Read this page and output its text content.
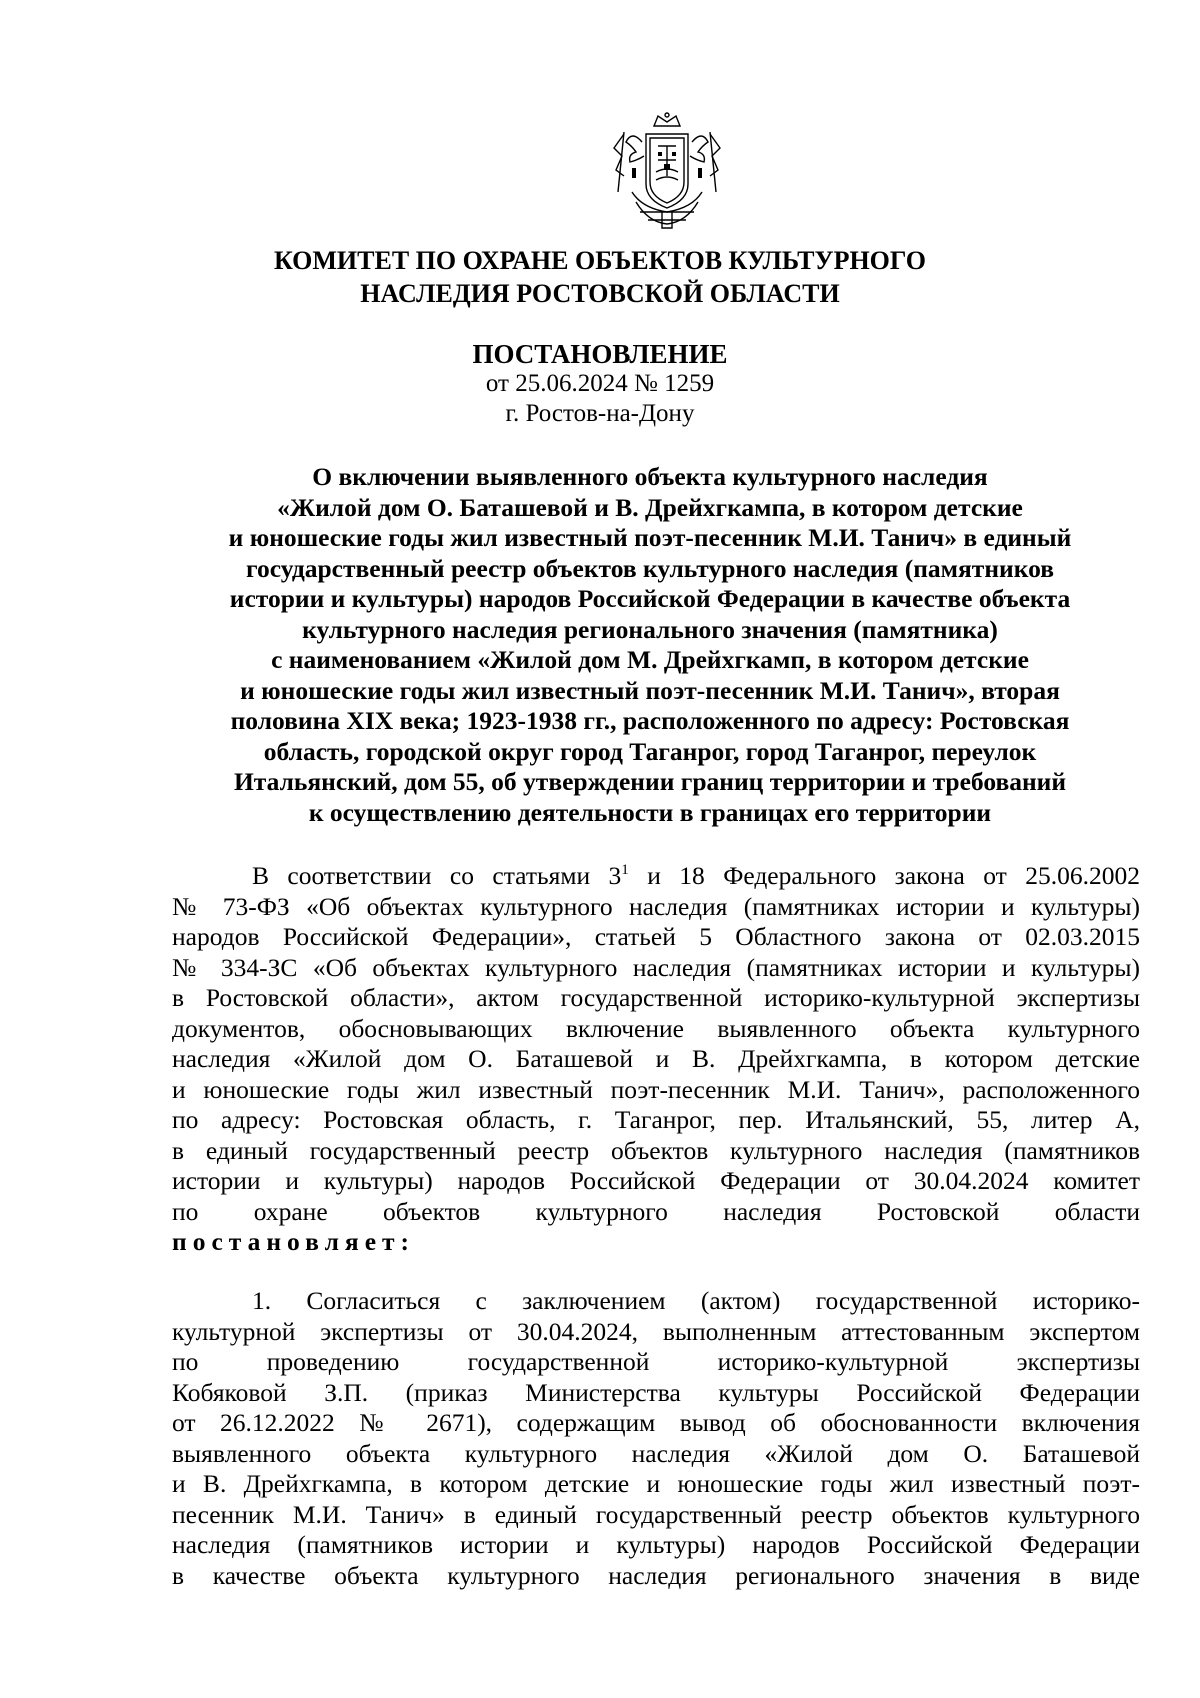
КОМИТЕТ ПО ОХРАНЕ ОБЪЕКТОВ КУЛЬТУРНОГО
НАСЛЕДИЯ РОСТОВСКОЙ ОБЛАСТИ
ПОСТАНОВЛЕНИЕ
от 25.06.2024 № 1259
г. Ростов-на-Дону
О включении выявленного объекта культурного наследия
«Жилой дом О. Баташевой и В. Дрейхгкампа, в котором детские
и юношеские годы жил известный поэт-песенник М.И. Танич» в единый
государственный реестр объектов культурного наследия (памятников
истории и культуры) народов Российской Федерации в качестве объекта
культурного наследия регионального значения (памятника)
с наименованием «Жилой дом М. Дрейхгкамп, в котором детские
и юношеские годы жил известный поэт-песенник М.И. Танич», вторая
половина XIX века; 1923-1938 гг., расположенного по адресу: Ростовская
область, городской округ город Таганрог, город Таганрог, переулок
Итальянский, дом 55, об утверждении границ территории и требований
к осуществлению деятельности в границах его территории
В соответствии со статьями $3^1$ и 18 Федерального закона от 25.06.2002
№ 73-ФЗ «Об объектах культурного наследия (памятниках истории и культуры)
народов Российской Федерации», статьей 5 Областного закона от 02.03.2015
№ 334-ЗС «Об объектах культурного наследия (памятниках истории и культуры)
в Ростовской области», актом государственной историко-культурной экспертизы
документов, обосновывающих включение выявленного объекта культурного
наследия «Жилой дом О. Баташевой и В. Дрейхгкампа, в котором детские
и юношеские годы жил известный поэт-песенник М.И. Танич», расположенного
по адресу: Ростовская область, г. Таганрог, пер. Итальянский, 55, литер А,
в единый государственный реестр объектов культурного наследия (памятников
истории и культуры) народов Российской Федерации от 30.04.2024 комитет
по охране объектов культурного наследия Ростовской области
постановляет:
1. Согласиться с заключением (актом) государственной историко-
культурной экспертизы от 30.04.2024, выполненным аттестованным экспертом
по проведению государственной историко-культурной экспертизы
Кобяковой З.П. (приказ Министерства культуры Российской Федерации
от 26.12.2022 № 2671), содержащим вывод об обоснованности включения
выявленного объекта культурного наследия «Жилой дом О. Баташевой
и В. Дрейхгкампа, в котором детские и юношеские годы жил известный поэт-
песенник М.И. Танич» в единый государственный реестр объектов культурного
наследия (памятников истории и культуры) народов Российской Федерации
в качестве объекта культурного наследия регионального значения в виде
